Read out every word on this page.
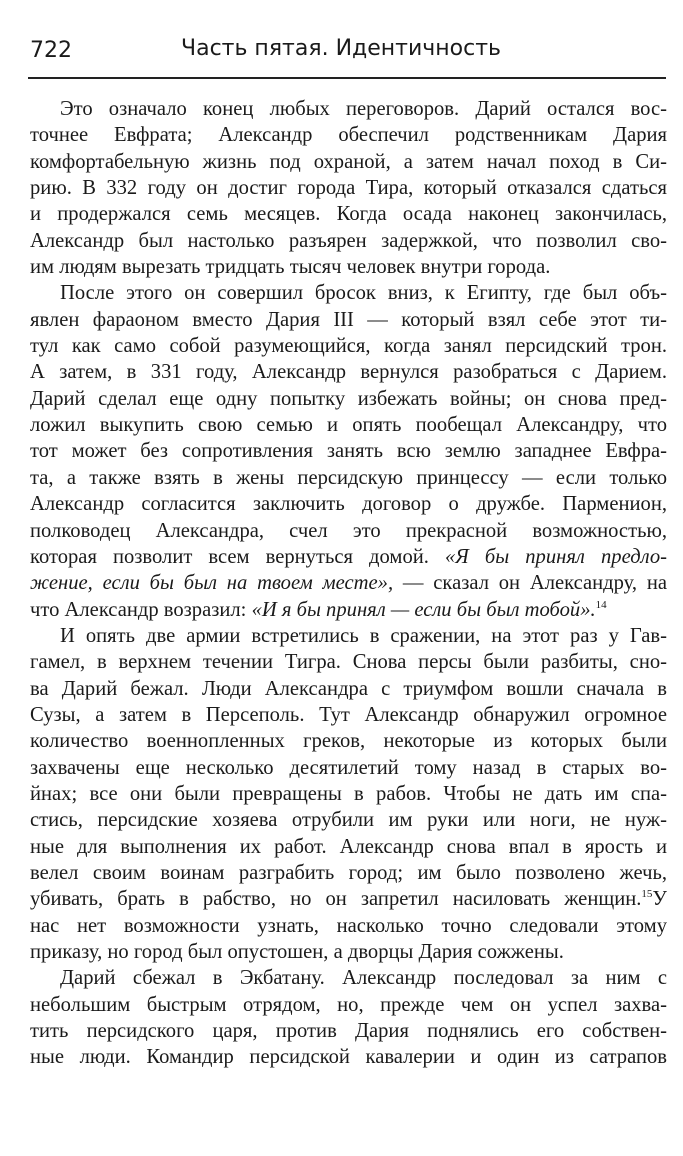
722	Часть пятая. Идентичность
Это означало конец любых переговоров. Дарий остался вос-
точнее Евфрата; Александр обеспечил родственникам Дария
комфортабельную жизнь под охраной, а затем начал поход в Си-
рию. В 332 году он достиг города Тира, который отказался сдаться
и продержался семь месяцев. Когда осада наконец закончилась,
Александр был настолько разъярен задержкой, что позволил сво-
им людям вырезать тридцать тысяч человек внутри города.
После этого он совершил бросок вниз, к Египту, где был объ-
явлен фараоном вместо Дария III — который взял себе этот ти-
тул как само собой разумеющийся, когда занял персидский трон.
А затем, в 331 году, Александр вернулся разобраться с Дарием.
Дарий сделал еще одну попытку избежать войны; он снова пред-
ложил выкупить свою семью и опять пообещал Александру, что
тот может без сопротивления занять всю землю западнее Евфра-
та, а также взять в жены персидскую принцессу — если только
Александр согласится заключить договор о дружбе. Парменион,
полководец Александра, счел это прекрасной возможностью,
которая позволит всем вернуться домой. «Я бы принял предло-
жение, если бы был на твоем месте», — сказал он Александру, на
что Александр возразил: «И я бы принял — если бы был тобой».$^{14}$
И опять две армии встретились в сражении, на этот раз у Гав-
гамел, в верхнем течении Тигра. Снова персы были разбиты, сно-
ва Дарий бежал. Люди Александра с триумфом вошли сначала в
Сузы, а затем в Персеполь. Тут Александр обнаружил огромное
количество военнопленных греков, некоторые из которых были
захвачены еще несколько десятилетий тому назад в старых во-
йнах; все они были превращены в рабов. Чтобы не дать им спа-
стись, персидские хозяева отрубили им руки или ноги, не нуж-
ные для выполнения их работ. Александр снова впал в ярость и
велел своим воинам разграбить город; им было позволено жечь,
убивать, брать в рабство, но он запретил насиловать женщин.$^{15}$У
нас нет возможности узнать, насколько точно следовали этому
приказу, но город был опустошен, а дворцы Дария сожжены.
Дарий сбежал в Экбатану. Александр последовал за ним с
небольшим быстрым отрядом, но, прежде чем он успел захва-
тить персидского царя, против Дария поднялись его собствен-
ные люди. Командир персидской кавалерии и один из сатрапов
